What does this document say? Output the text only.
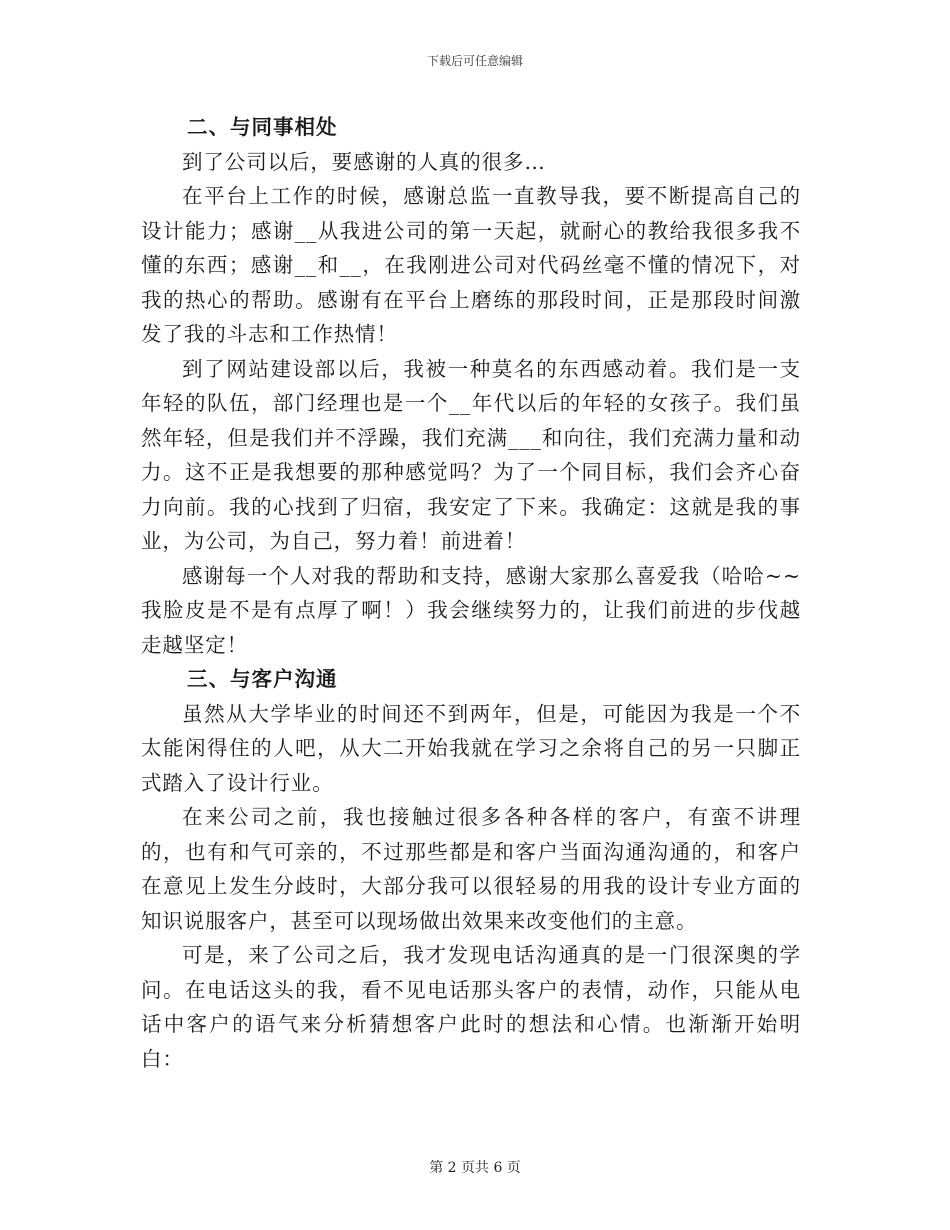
下载后可任意编辑

二、与同事相处

到了公司以后，要感谢的人真的很多…

在平台上工作的时候，感谢总监一直教导我，要不断提高自己的设计能力；感谢__从我进公司的第一天起，就耐心的教给我很多我不懂的东西；感谢__和__，在我刚进公司对代码丝毫不懂的情况下，对我的热心的帮助。感谢有在平台上磨练的那段时间，正是那段时间激发了我的斗志和工作热情！

到了网站建设部以后，我被一种莫名的东西感动着。我们是一支年轻的队伍，部门经理也是一个__年代以后的年轻的女孩子。我们虽然年轻，但是我们并不浮躁，我们充满___和向往，我们充满力量和动力。这不正是我想要的那种感觉吗？为了一个同目标，我们会齐心奋力向前。我的心找到了归宿，我安定了下来。我确定：这就是我的事业，为公司，为自己，努力着！前进着！

感谢每一个人对我的帮助和支持，感谢大家那么喜爱我（哈哈~~我脸皮是不是有点厚了啊！）我会继续努力的，让我们前进的步伐越走越坚定！

三、与客户沟通

虽然从大学毕业的时间还不到两年，但是，可能因为我是一个不太能闲得住的人吧，从大二开始我就在学习之余将自己的另一只脚正式踏入了设计行业。

在来公司之前，我也接触过很多各种各样的客户，有蛮不讲理的，也有和气可亲的，不过那些都是和客户当面沟通沟通的，和客户在意见上发生分歧时，大部分我可以很轻易的用我的设计专业方面的知识说服客户，甚至可以现场做出效果来改变他们的主意。

可是，来了公司之后，我才发现电话沟通真的是一门很深奥的学问。在电话这头的我，看不见电话那头客户的表情，动作，只能从电话中客户的语气来分析猜想客户此时的想法和心情。也渐渐开始明白：

第 2 页共 6 页
